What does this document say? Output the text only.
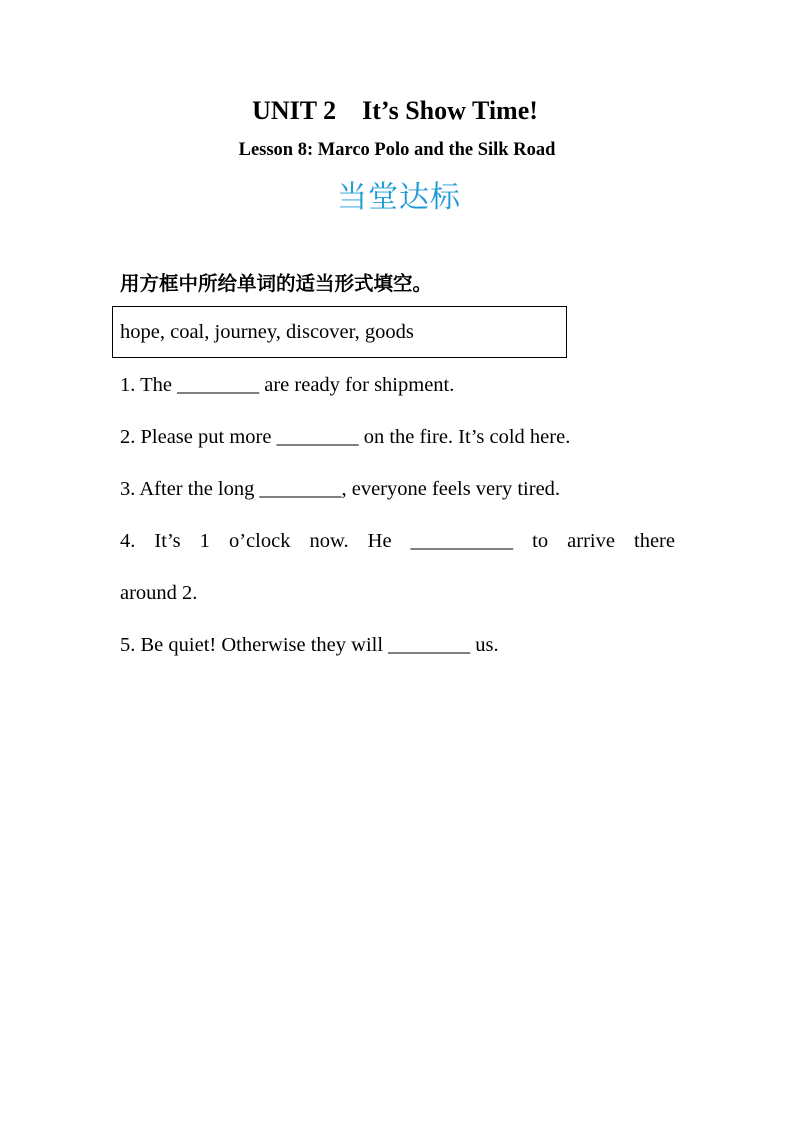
UNIT 2    It’s Show Time!
Lesson 8: Marco Polo and the Silk Road
当堂达标
用方框中所给单词的适当形式填空。
hope, coal, journey, discover, goods
1. The ________ are ready for shipment.
2. Please put more ________ on the fire. It’s cold here.
3. After the long ________, everyone feels very tired.
4. It’s 1 o’clock now. He __________ to arrive there
around 2.
5. Be quiet! Otherwise they will ________ us.
